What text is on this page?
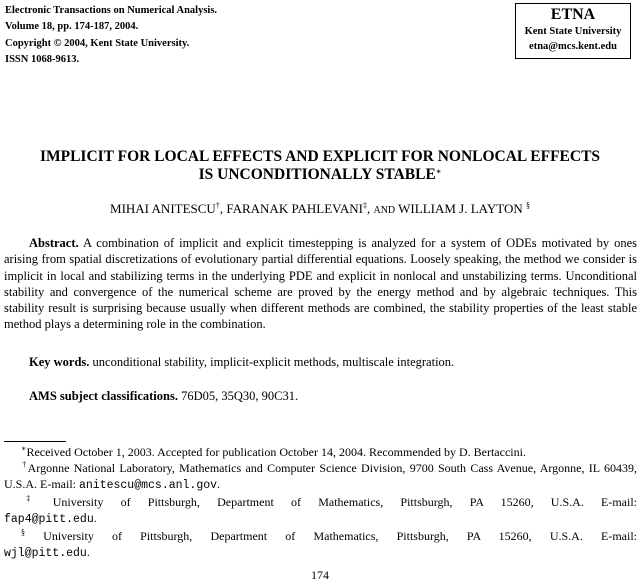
Electronic Transactions on Numerical Analysis.
Volume 18, pp. 174-187, 2004.
Copyright © 2004, Kent State University.
ISSN 1068-9613.
ETNA
Kent State University
etna@mcs.kent.edu
IMPLICIT FOR LOCAL EFFECTS AND EXPLICIT FOR NONLOCAL EFFECTS
IS UNCONDITIONALLY STABLE∗
MIHAI ANITESCU†, FARANAK PAHLEVANI‡, AND WILLIAM J. LAYTON §
Abstract. A combination of implicit and explicit timestepping is analyzed for a system of ODEs motivated by ones arising from spatial discretizations of evolutionary partial differential equations. Loosely speaking, the method we consider is implicit in local and stabilizing terms in the underlying PDE and explicit in nonlocal and unstabilizing terms. Unconditional stability and convergence of the numerical scheme are proved by the energy method and by algebraic techniques. This stability result is surprising because usually when different methods are combined, the stability properties of the least stable method plays a determining role in the combination.
Key words. unconditional stability, implicit-explicit methods, multiscale integration.
AMS subject classifications. 76D05, 35Q30, 90C31.

∗Received October 1, 2003. Accepted for publication October 14, 2004. Recommended by D. Bertaccini.

†Argonne National Laboratory, Mathematics and Computer Science Division, 9700 South Cass Avenue, Argonne, IL 60439, U.S.A. E-mail: anitescu@mcs.anl.gov.

‡ University of Pittsburgh, Department of Mathematics, Pittsburgh, PA 15260, U.S.A. E-mail: fap4@pitt.edu.

§ University of Pittsburgh, Department of Mathematics, Pittsburgh, PA 15260, U.S.A. E-mail: wjl@pitt.edu.

174
